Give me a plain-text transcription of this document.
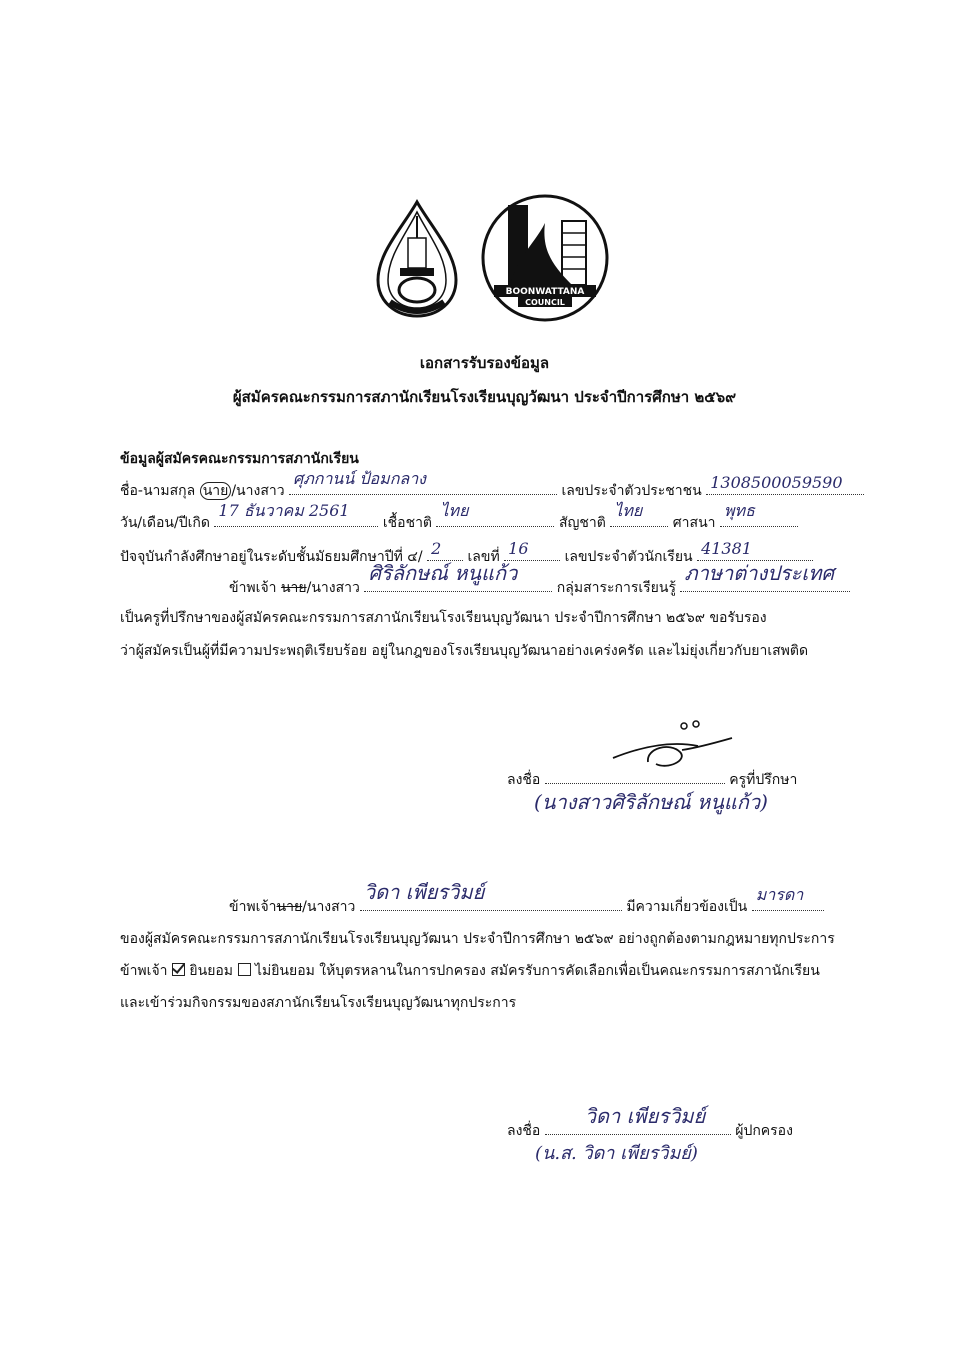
BOONWATTANA
COUNCIL
เอกสารรับรองข้อมูล
ผู้สมัครคณะกรรมการสภานักเรียนโรงเรียนบุญวัฒนา ประจำปีการศึกษา ๒๕๖๙
ข้อมูลผู้สมัครคณะกรรมการสภานักเรียน
ชื่อ-นามสกุล นาย /นางสาว
ศุภกานน์ ป้อมกลาง
เลขประจำตัวประชาชน 1308500059590
วัน/เดือน/ปีเกิด
17 ธันวาคม 2561
เชื้อชาติ
ไทย
สัญชาติ
ไทย
ศาสนา
พุทธ
ปัจจุบันกำลังศึกษาอยู่ในระดับชั้นมัธยมศึกษาปีที่ ๔/ 2 เลขที่ 16	เลขประจำตัวนักเรียน 41381
ข้าพเจ้า นาย/นางสาว
ศิริลักษณ์ หนูแก้ว
กลุ่มสาระการเรียนรู้
ภาษาต่างประเทศ
เป็นครูที่ปรึกษาของผู้สมัครคณะกรรมการสภานักเรียนโรงเรียนบุญวัฒนา ประจำปีการศึกษา ๒๕๖๙ ขอรับรอง
ว่าผู้สมัครเป็นผู้ที่มีความประพฤติเรียบร้อย อยู่ในกฎของโรงเรียนบุญวัฒนาอย่างเคร่งครัด และไม่ยุ่งเกี่ยวกับยาเสพติด
ลงชื่อ	ครูที่ปรึกษา
(นางสาวศิริลักษณ์ หนูแก้ว)
ข้าพเจ้านาย/นางสาว
วิดา เพียรวิมย์
มีความเกี่ยวข้องเป็น
มารดา
ของผู้สมัครคณะกรรมการสภานักเรียนโรงเรียนบุญวัฒนา ประจำปีการศึกษา ๒๕๖๙ อย่างถูกต้องตามกฎหมายทุกประการ
ข้าพเจ้า ยินยอม ไม่ยินยอม ให้บุตรหลานในการปกครอง สมัครรับการคัดเลือกเพื่อเป็นคณะกรรมการสภานักเรียน
และเข้าร่วมกิจกรรมของสภานักเรียนโรงเรียนบุญวัฒนาทุกประการ
ลงชื่อ
วิดา เพียรวิมย์
ผู้ปกครอง
(น.ส. วิดา เพียรวิมย์)
